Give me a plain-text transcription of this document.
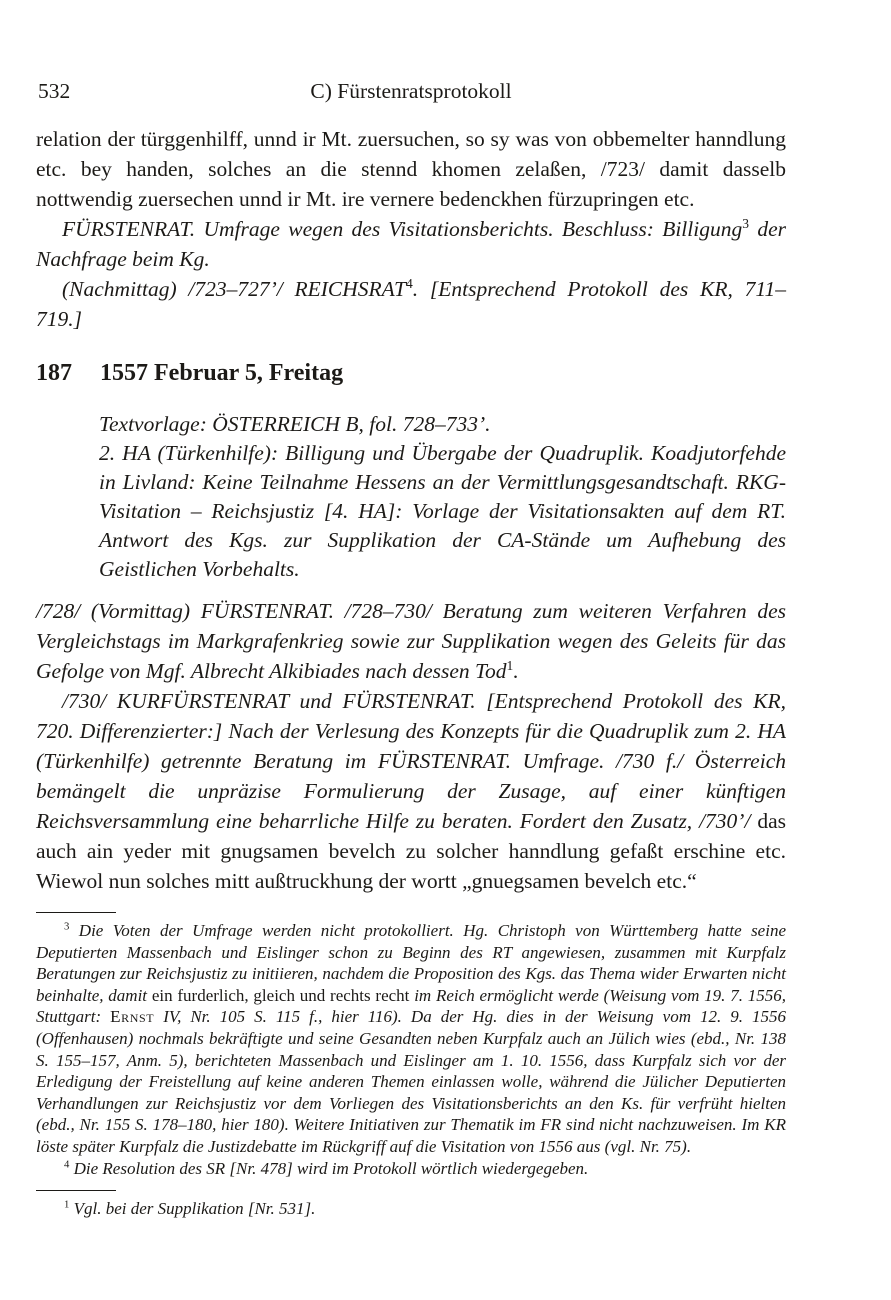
532	C) Fürstenratsprotokoll

relation der türggenhilff, unnd ir Mt. zuersuchen, so sy was von obbemelter hanndlung etc. bey handen, solches an die stennd khomen zelaßen, /723/ damit dasselb nottwendig zuersechen unnd ir Mt. ire vernere bedenckhen fürzupringen etc.

FÜRSTENRAT. Umfrage wegen des Visitationsberichts. Beschluss: Billigung$^3$ der Nachfrage beim Kg.

(Nachmittag) /723–727’/ REICHSRAT$^4$. [Entsprechend Protokoll des KR, 711–719.]

187 1557 Februar 5, Freitag

Textvorlage: ÖSTERREICH B, fol. 728–733’.

2. HA (Türkenhilfe): Billigung und Übergabe der Quadruplik. Koadjutorfehde in Livland: Keine Teilnahme Hessens an der Vermittlungsgesandtschaft. RKG-Visitation – Reichsjustiz [4. HA]: Vorlage der Visitationsakten auf dem RT. Antwort des Kgs. zur Supplikation der CA-Stände um Aufhebung des Geistlichen Vorbehalts.

/728/ (Vormittag) FÜRSTENRAT. /728–730/ Beratung zum weiteren Verfahren des Vergleichstags im Markgrafenkrieg sowie zur Supplikation wegen des Geleits für das Gefolge von Mgf. Albrecht Alkibiades nach dessen Tod$^1$.

/730/ KURFÜRSTENRAT und FÜRSTENRAT. [Entsprechend Protokoll des KR, 720. Differenzierter:] Nach der Verlesung des Konzepts für die Quadruplik zum 2. HA (Türkenhilfe) getrennte Beratung im FÜRSTENRAT. Umfrage. /730 f./ Österreich bemängelt die unpräzise Formulierung der Zusage, auf einer künftigen Reichsversammlung eine beharrliche Hilfe zu beraten. Fordert den Zusatz, /730’/ das auch ain yeder mit gnugsamen bevelch zu solcher hanndlung gefaßt erschine etc. Wiewol nun solches mitt außtruckhung der wortt „gnuegsamen bevelch etc.“

$^3$ Die Voten der Umfrage werden nicht protokolliert. Hg. Christoph von Württemberg hatte seine Deputierten Massenbach und Eislinger schon zu Beginn des RT angewiesen, zusammen mit Kurpfalz Beratungen zur Reichsjustiz zu initiieren, nachdem die Proposition des Kgs. das Thema wider Erwarten nicht beinhalte, damit ein furderlich, gleich und rechts recht im Reich ermöglicht werde (Weisung vom 19. 7. 1556, Stuttgart: Ernst IV, Nr. 105 S. 115 f., hier 116). Da der Hg. dies in der Weisung vom 12. 9. 1556 (Offenhausen) nochmals bekräftigte und seine Gesandten neben Kurpfalz auch an Jülich wies (ebd., Nr. 138 S. 155–157, Anm. 5), berichteten Massenbach und Eislinger am 1. 10. 1556, dass Kurpfalz sich vor der Erledigung der Freistellung auf keine anderen Themen einlassen wolle, während die Jülicher Deputierten Verhandlungen zur Reichsjustiz vor dem Vorliegen des Visitationsberichts an den Ks. für verfrüht hielten (ebd., Nr. 155 S. 178–180, hier 180). Weitere Initiativen zur Thematik im FR sind nicht nachzuweisen. Im KR löste später Kurpfalz die Justizdebatte im Rückgriff auf die Visitation von 1556 aus (vgl. Nr. 75).

$^4$ Die Resolution des SR [Nr. 478] wird im Protokoll wörtlich wiedergegeben.

$^1$ Vgl. bei der Supplikation [Nr. 531].
